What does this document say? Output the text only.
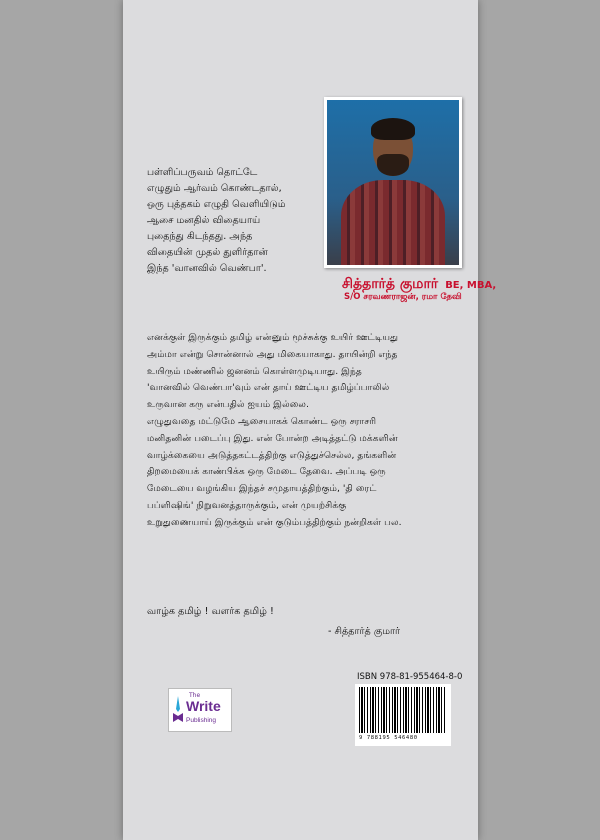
பள்ளிப்பருவம் தொட்டே
எழுதும் ஆர்வம் கொண்டதால்,
ஒரு புத்தகம் எழுதி வெளியிடும்
ஆசை மனதில் விதையாய்
புதைந்து கிடந்தது. அந்த
விதையின் முதல் துளிர்தான்
இந்த 'வானவில் வெண்பா'.
சித்தார்த் குமார் BE, MBA,
S/O சரவணராஜன், ரமா தேவி

எனக்குள் இருக்கும் தமிழ் என்னும் மூச்சுக்கு உயிர் ஊட்டியது

அம்மா என்று சொன்னால் அது மிகையாகாது. தாயின்றி எந்த

உயிரும் மண்ணில் ஜனனம் கொள்ளமுடியாது. இந்த

'வானவில் வெண்பா'வும் என் தாய் ஊட்டிய தமிழ்ப்பாலில்

உருவான கரு என்பதில் ஐயம் இல்லை.

எழுதுவதை மட்டுமே ஆசையாகக் கொண்ட ஒரு சராசரி

மனிதனின் படைப்பு இது. என் போன்ற அடித்தட்டு மக்களின்

வாழ்க்கையை அடுத்தகட்டத்திற்கு எடுத்துச்செல்ல, தங்களின்

திறமையைக் காண்பிக்க ஒரு மேடை தேவை. அப்படி ஒரு

மேடையை வழங்கிய இந்தச் சமுதாயத்திற்கும், 'தி ரைட்

பப்ளிஷிங்' நிறுவனத்தாருக்கும், என் முயற்சிக்கு

உறுதுணையாய் இருக்கும் என் குடும்பத்திற்கும் நன்றிகள் பல.

வாழ்க தமிழ் ! வளர்க தமிழ் !
- சித்தார்த் குமார்
The
Write
Publishing
ISBN 978-81-955464-8-0
9 788195 546480
